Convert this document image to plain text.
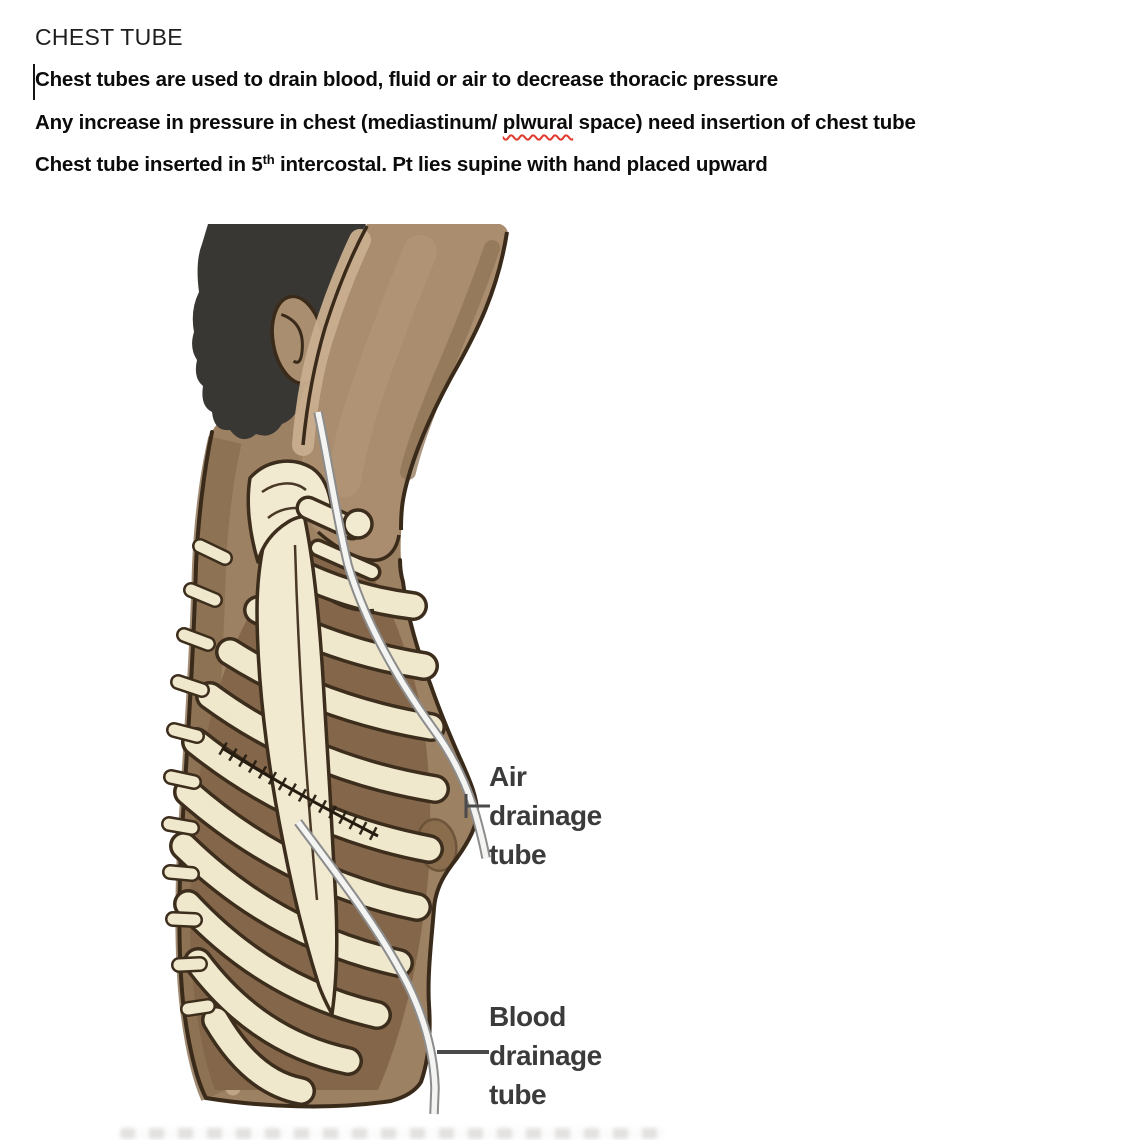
CHEST TUBE
Chest tubes are used to drain blood, fluid or air to decrease thoracic pressure
Any increase in pressure in chest (mediastinum/ plwural space) need insertion of chest tube
Chest tube inserted in 5th intercostal. Pt lies supine with hand placed upward
Air
drainage
tube
Blood
drainage
tube
